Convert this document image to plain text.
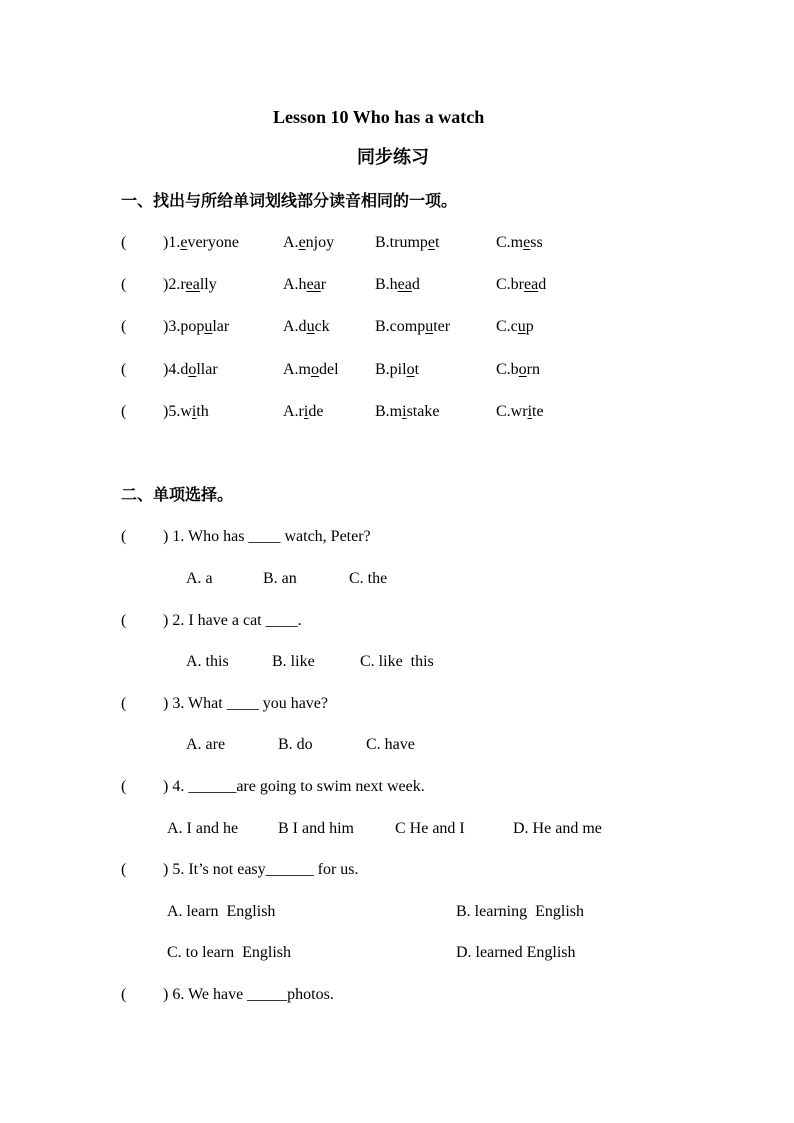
Lesson 10 Who has a watch
同步练习
一、找出与所给单词划线部分读音相同的一项。
( )1.everyone	A.enjoy	B.trumpet	C.mess
( )2.really	A.hear	B.head	C.bread
( )3.popular	A.duck	B.computer	C.cup
( )4.dollar	A.model B.pilot	C.born
( )5.with	A.ride	B.mistake	C.write
二、单项选择。
( ) 1. Who has ____ watch, Peter?
A. a	B. an	C. the
( ) 2. I have a cat ____.
A. this	B. like	C. like  this
( ) 3. What ____ you have?
A. are	B. do	C. have
( ) 4. ______are going to swim next week.
A. I and he B I and him	C He and I	D. He and me
( ) 5. It’s not easy______ for us.
A. learn  English	B. learning  English
C. to learn  English	D. learned English
( ) 6. We have _____photos.
